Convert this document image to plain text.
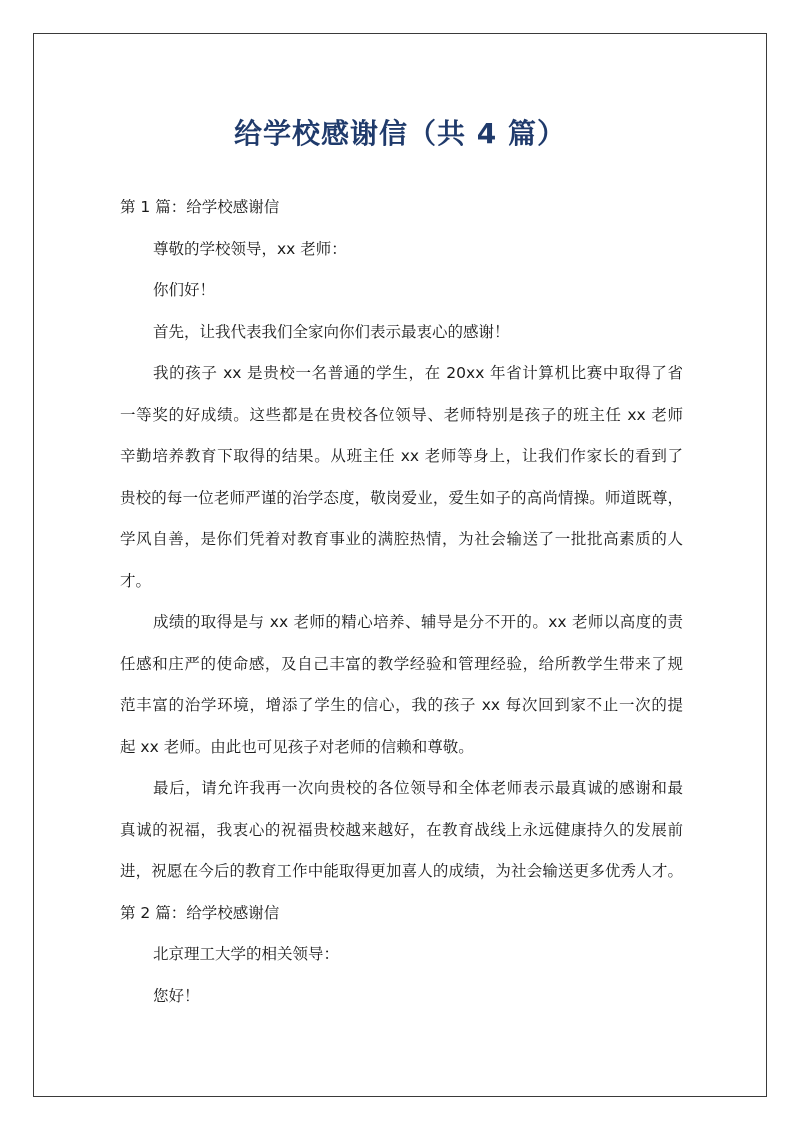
给学校感谢信（共 4 篇）
第 1 篇：给学校感谢信
尊敬的学校领导，xx 老师：
你们好！
首先，让我代表我们全家向你们表示最衷心的感谢！
我的孩子 xx 是贵校一名普通的学生，在 20xx 年省计算机比赛中取得了省
一等奖的好成绩。这些都是在贵校各位领导、老师特别是孩子的班主任 xx 老师
辛勤培养教育下取得的结果。从班主任 xx 老师等身上，让我们作家长的看到了
贵校的每一位老师严谨的治学态度，敬岗爱业，爱生如子的高尚情操。师道既尊，
学风自善，是你们凭着对教育事业的满腔热情，为社会输送了一批批高素质的人
才。
成绩的取得是与 xx 老师的精心培养、辅导是分不开的。xx 老师以高度的责
任感和庄严的使命感，及自己丰富的教学经验和管理经验，给所教学生带来了规
范丰富的治学环境，增添了学生的信心，我的孩子 xx 每次回到家不止一次的提
起 xx 老师。由此也可见孩子对老师的信赖和尊敬。
最后，请允许我再一次向贵校的各位领导和全体老师表示最真诚的感谢和最
真诚的祝福，我衷心的祝福贵校越来越好，在教育战线上永远健康持久的发展前
进，祝愿在今后的教育工作中能取得更加喜人的成绩，为社会输送更多优秀人才。
第 2 篇：给学校感谢信
北京理工大学的相关领导：
您好！
